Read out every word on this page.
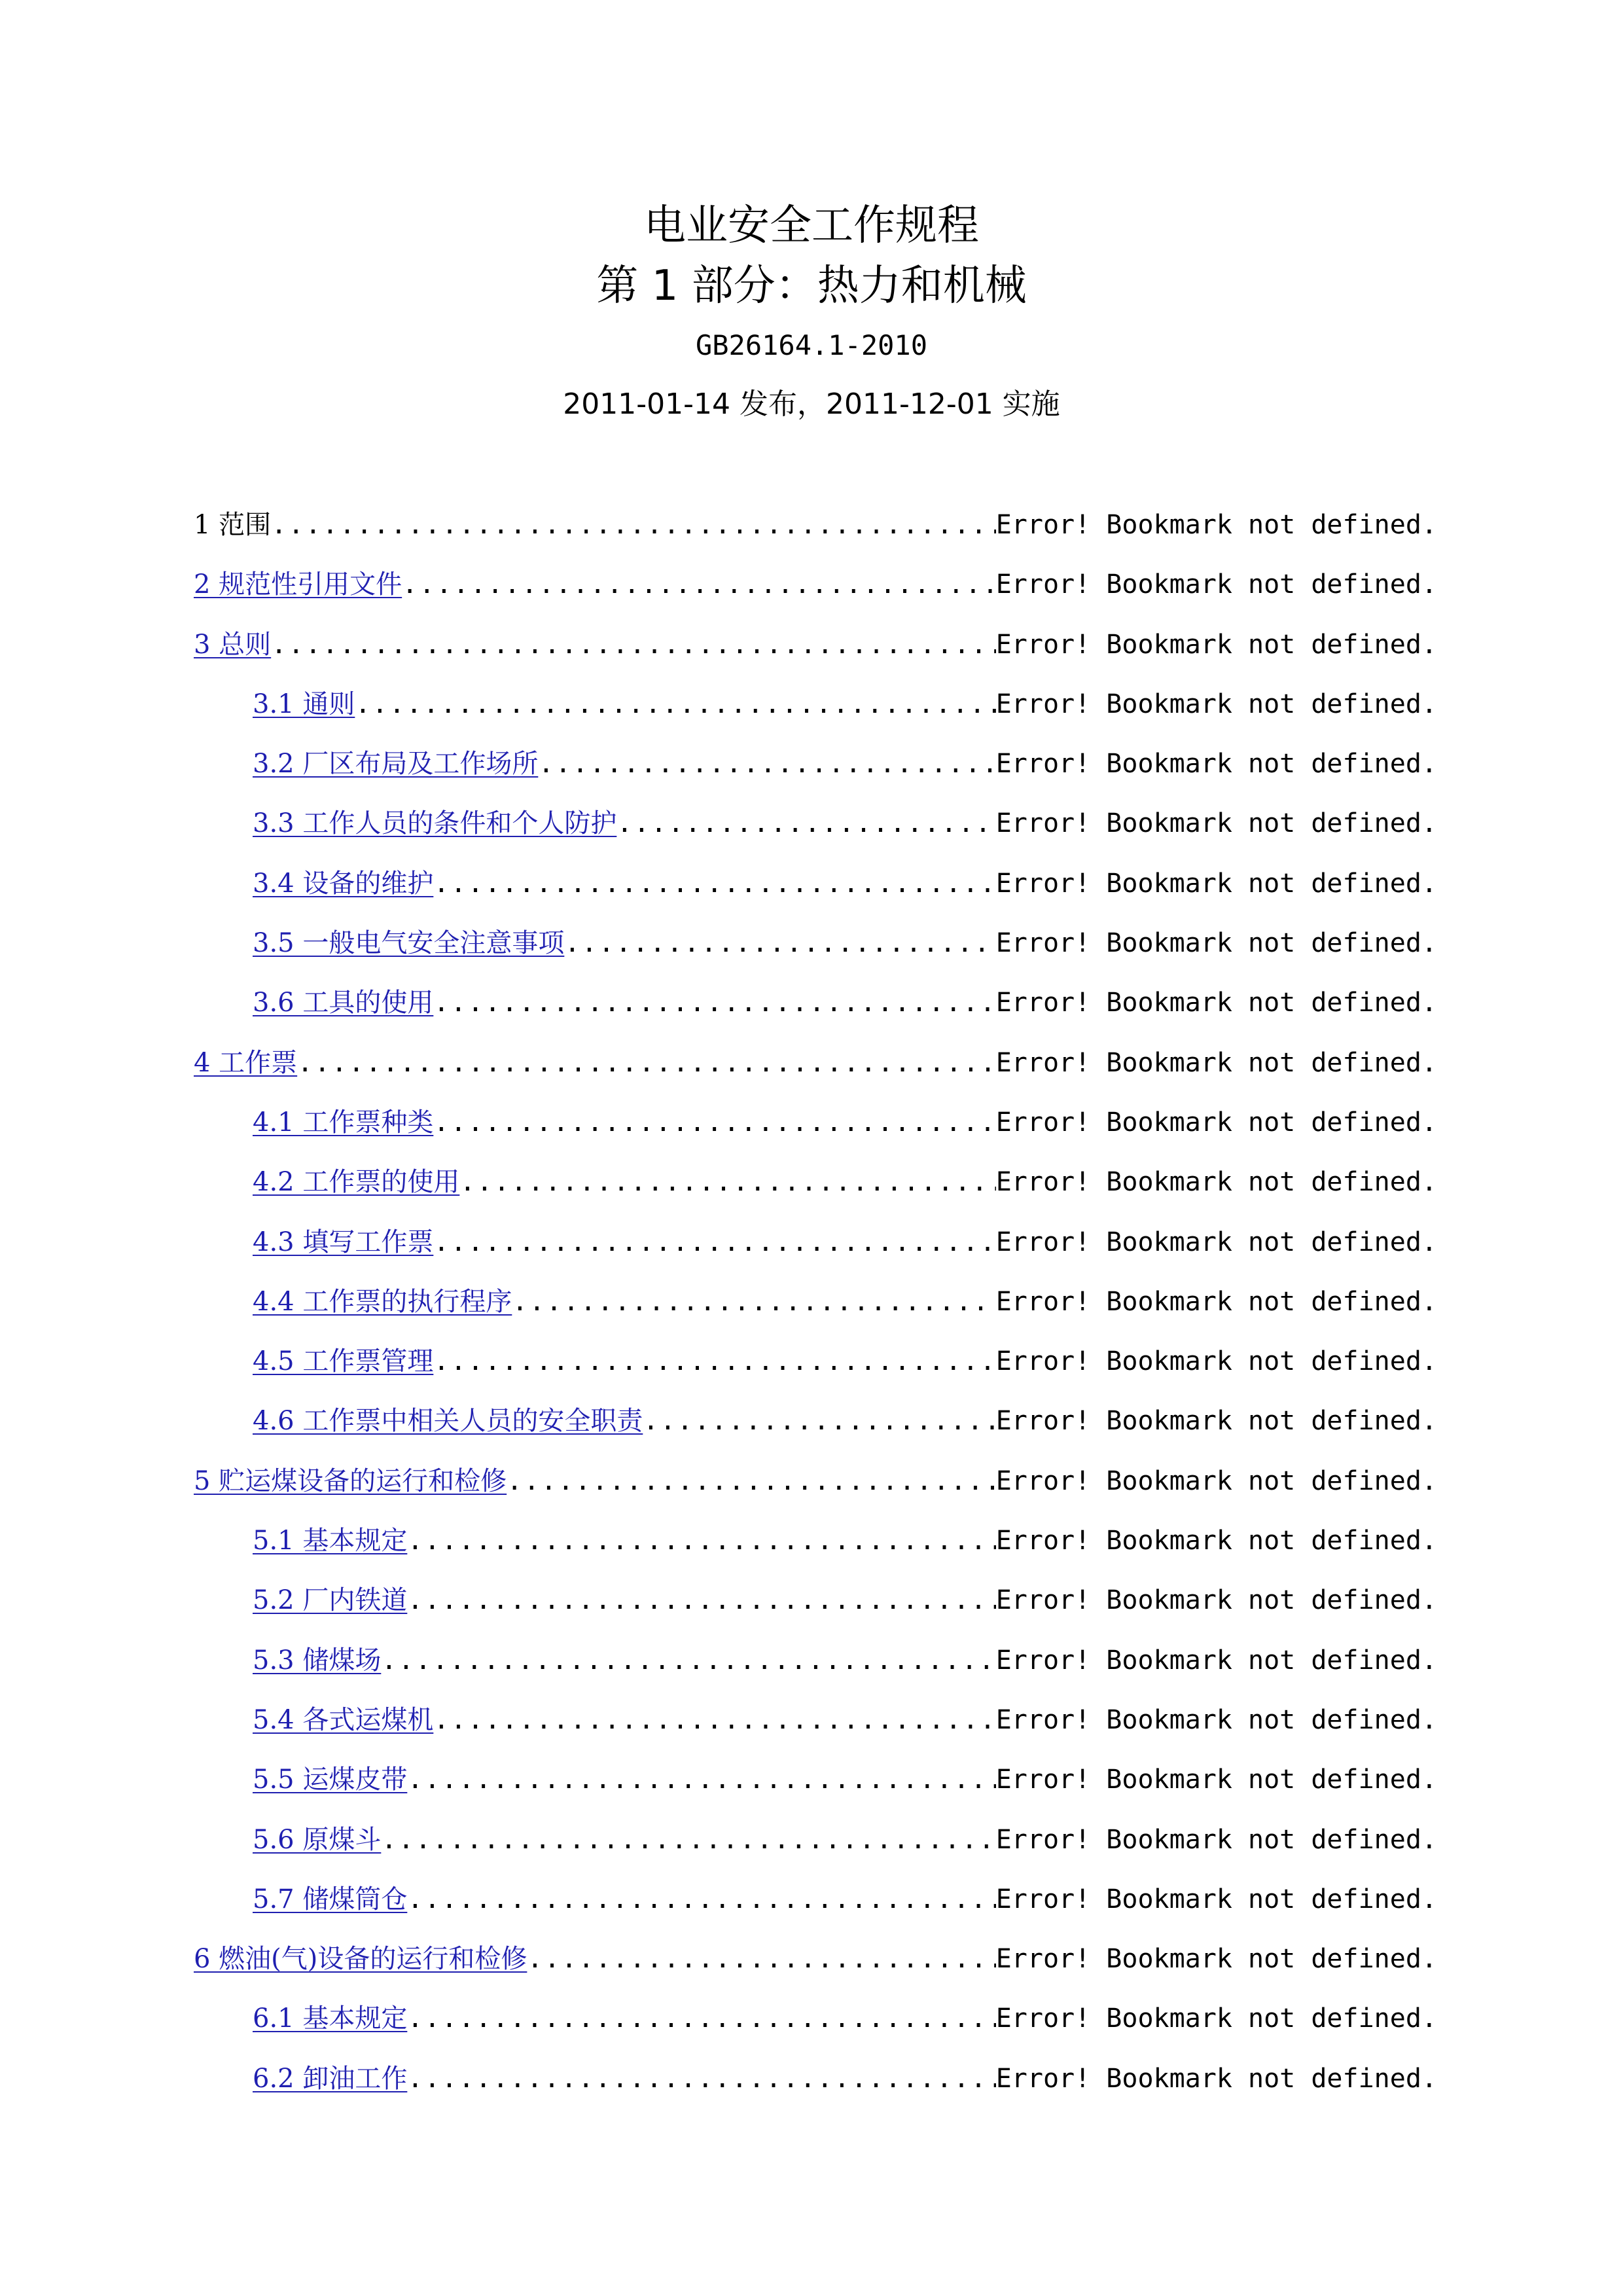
电业安全工作规程
第 1 部分：热力和机械
GB26164.1-2010
2011-01-14 发布，2011-12-01 实施
1 范围 .....	Error! Bookmark not defined.
2 规范性引用文件 .....	Error! Bookmark not defined.
3 总则 .....	Error! Bookmark not defined.
3.1 通则 .....	Error! Bookmark not defined.
3.2 厂区布局及工作场所 .....	Error! Bookmark not defined.
3.3 工作人员的条件和个人防护 .....	Error! Bookmark not defined.
3.4 设备的维护 .....	Error! Bookmark not defined.
3.5 一般电气安全注意事项 .....	Error! Bookmark not defined.
3.6 工具的使用 .....	Error! Bookmark not defined.
4 工作票 .....	Error! Bookmark not defined.
4.1 工作票种类 .....	Error! Bookmark not defined.
4.2 工作票的使用 .....	Error! Bookmark not defined.
4.3 填写工作票 .....	Error! Bookmark not defined.
4.4 工作票的执行程序 .....	Error! Bookmark not defined.
4.5 工作票管理 .....	Error! Bookmark not defined.
4.6 工作票中相关人员的安全职责 .....	Error! Bookmark not defined.
5 贮运煤设备的运行和检修 .....	Error! Bookmark not defined.
5.1 基本规定 .....	Error! Bookmark not defined.
5.2 厂内铁道 .....	Error! Bookmark not defined.
5.3 储煤场 .....	Error! Bookmark not defined.
5.4 各式运煤机 .....	Error! Bookmark not defined.
5.5 运煤皮带 .....	Error! Bookmark not defined.
5.6 原煤斗 .....	Error! Bookmark not defined.
5.7 储煤筒仓 .....	Error! Bookmark not defined.
6 燃油(气)设备的运行和检修 .....	Error! Bookmark not defined.
6.1 基本规定 .....	Error! Bookmark not defined.
6.2 卸油工作 .....	Error! Bookmark not defined.
